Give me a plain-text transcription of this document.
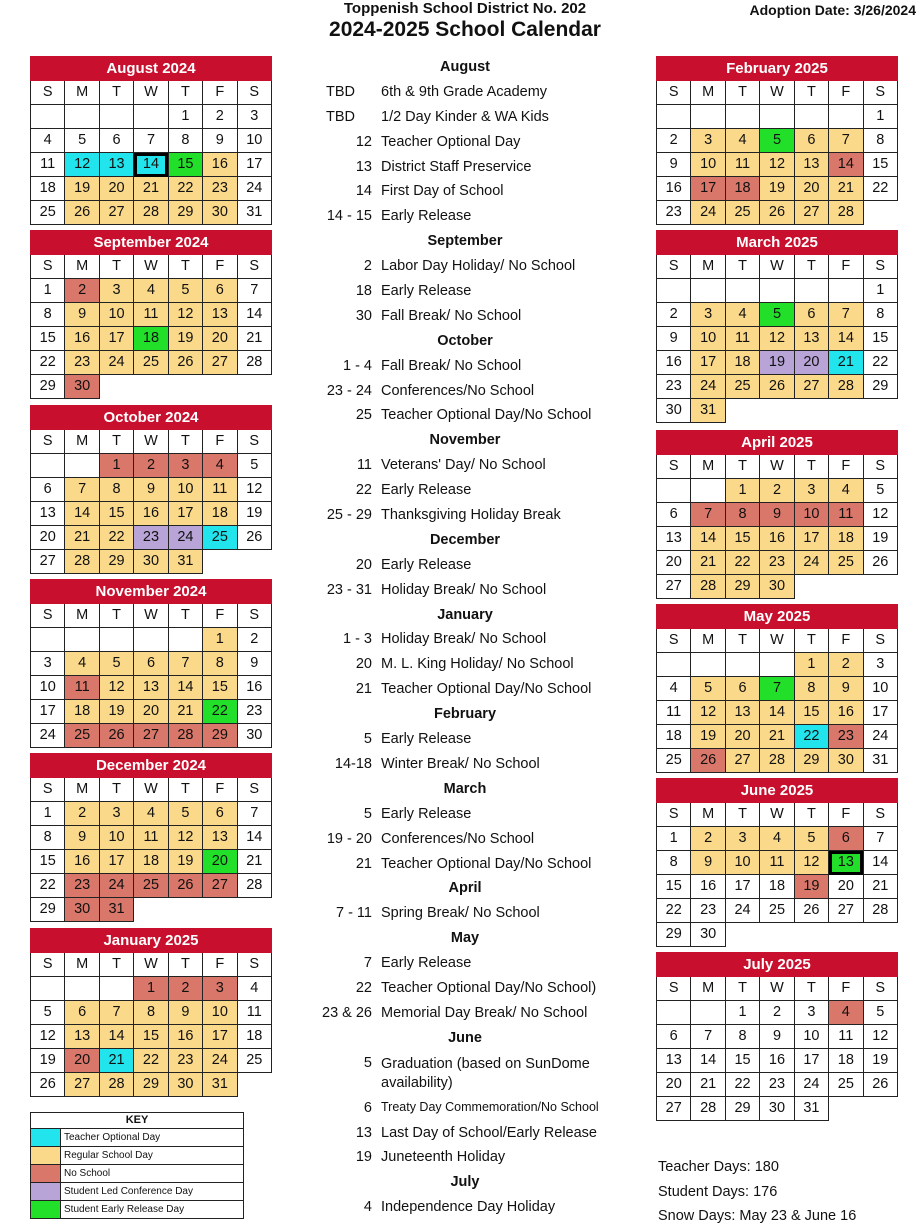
Toppenish School District No. 202
2024-2025 School Calendar
Adoption Date: 3/26/2024
August 2024						
S	M	T	W	T	F	S
				1	2	3
4	5	6	7	8	9	10
11	12	13	14	15	16	17
18	19	20	21	22	23	24
25	26	27	28	29	30	31
September 2024						
S	M	T	W	T	F	S
1	2	3	4	5	6	7
8	9	10	11	12	13	14
15	16	17	18	19	20	21
22	23	24	25	26	27	28
29	30					
October 2024						
S	M	T	W	T	F	S
		1	2	3	4	5
6	7	8	9	10	11	12
13	14	15	16	17	18	19
20	21	22	23	24	25	26
27	28	29	30	31		
November 2024						
S	M	T	W	T	F	S
					1	2
3	4	5	6	7	8	9
10	11	12	13	14	15	16
17	18	19	20	21	22	23
24	25	26	27	28	29	30
December 2024						
S	M	T	W	T	F	S
1	2	3	4	5	6	7
8	9	10	11	12	13	14
15	16	17	18	19	20	21
22	23	24	25	26	27	28
29	30	31				
January 2025						
S	M	T	W	T	F	S
			1	2	3	4
5	6	7	8	9	10	11
12	13	14	15	16	17	18
19	20	21	22	23	24	25
26	27	28	29	30	31	
February 2025						
S	M	T	W	T	F	S
						1
2	3	4	5	6	7	8
9	10	11	12	13	14	15
16	17	18	19	20	21	22
23	24	25	26	27	28	
March 2025						
S	M	T	W	T	F	S
						1
2	3	4	5	6	7	8
9	10	11	12	13	14	15
16	17	18	19	20	21	22
23	24	25	26	27	28	29
30	31					
April 2025						
S	M	T	W	T	F	S
		1	2	3	4	5
6	7	8	9	10	11	12
13	14	15	16	17	18	19
20	21	22	23	24	25	26
27	28	29	30			
May 2025						
S	M	T	W	T	F	S
				1	2	3
4	5	6	7	8	9	10
11	12	13	14	15	16	17
18	19	20	21	22	23	24
25	26	27	28	29	30	31
June 2025						
S	M	T	W	T	F	S
1	2	3	4	5	6	7
8	9	10	11	12	13	14
15	16	17	18	19	20	21
22	23	24	25	26	27	28
29	30					
July 2025						
S	M	T	W	T	F	S
		1	2	3	4	5
6	7	8	9	10	11	12
13	14	15	16	17	18	19
20	21	22	23	24	25	26
27	28	29	30	31		
August
TBD 6th & 9th Grade Academy
TBD 1/2 Day Kinder & WA Kids
12 Teacher Optional Day
13 District Staff Preservice
14 First Day of School
14 - 15 Early Release
September
2 Labor Day Holiday/ No School
18 Early Release
30 Fall Break/ No School
October
1 - 4 Fall Break/ No School
23 - 24 Conferences/No School
25 Teacher Optional Day/No School
November
11 Veterans' Day/ No School
22 Early Release
25 - 29 Thanksgiving Holiday Break
December
20 Early Release
23 - 31 Holiday Break/ No School
January
1 - 3 Holiday Break/ No School
20 M. L. King Holiday/ No School
21 Teacher Optional Day/No School
February
5 Early Release
14-18 Winter Break/ No School
March
5 Early Release
19 - 20 Conferences/No School
21 Teacher Optional Day/No School
April
7 - 11 Spring Break/ No School
May
7 Early Release
22 Teacher Optional Day/No School)
23 & 26 Memorial Day Break/ No School
June
5 Graduation (based on SunDome availability)
6 Treaty Day Commemoration/No School
13 Last Day of School/Early Release
19 Juneteenth Holiday
July
4 Independence Day Holiday
KEY
Teacher Optional Day
Regular School Day
No School
Student Led Conference Day
Student Early Release Day
Teacher Days: 180
Student Days: 176
Snow Days: May 23 & June 16
